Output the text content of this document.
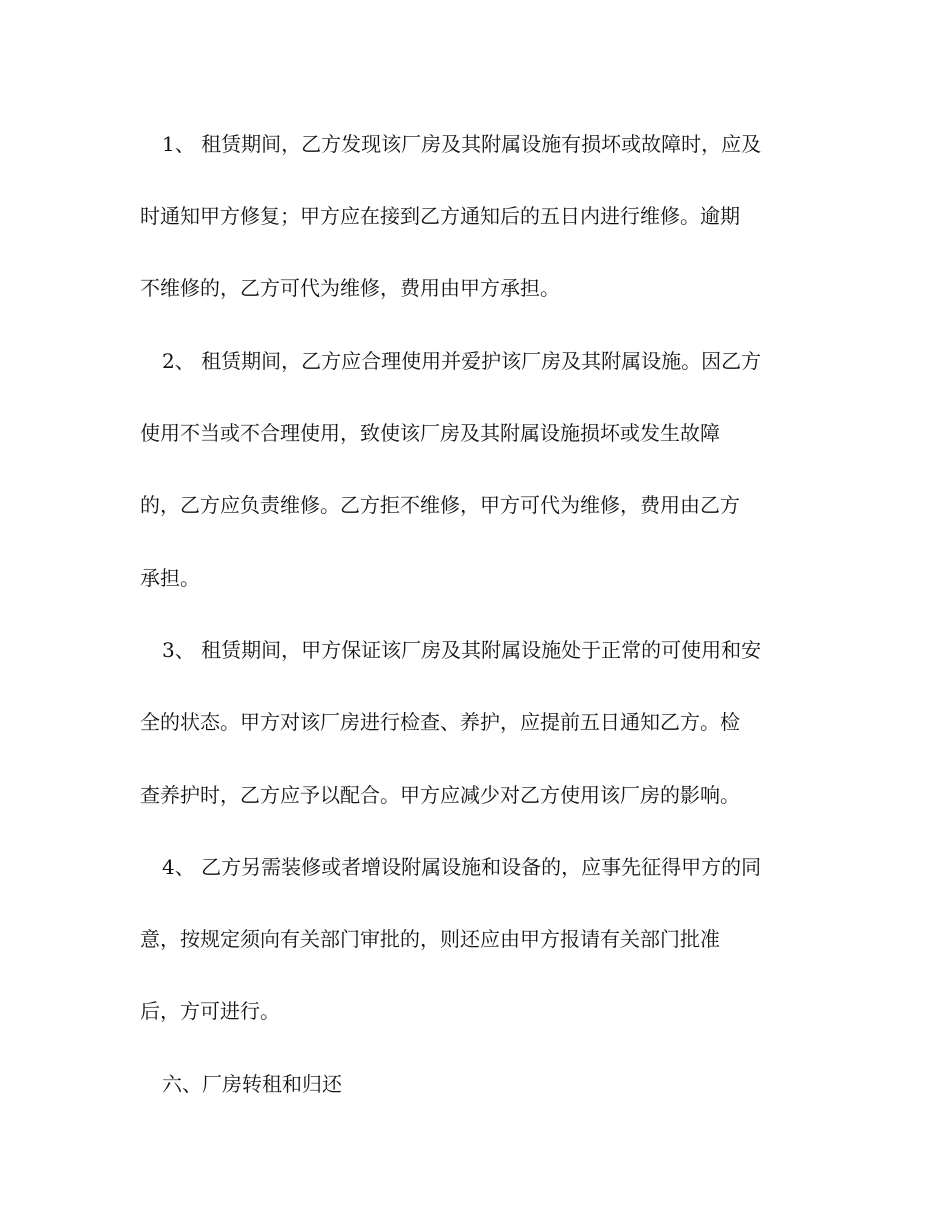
1、 租赁期间，乙方发现该厂房及其附属设施有损坏或故障时，应及
时通知甲方修复；甲方应在接到乙方通知后的五日内进行维修。逾期
不维修的，乙方可代为维修，费用由甲方承担。
2、 租赁期间，乙方应合理使用并爱护该厂房及其附属设施。因乙方
使用不当或不合理使用，致使该厂房及其附属设施损坏或发生故障
的，乙方应负责维修。乙方拒不维修，甲方可代为维修，费用由乙方
承担。
3、 租赁期间，甲方保证该厂房及其附属设施处于正常的可使用和安
全的状态。甲方对该厂房进行检查、养护，应提前五日通知乙方。检
查养护时，乙方应予以配合。甲方应减少对乙方使用该厂房的影响。
4、 乙方另需装修或者增设附属设施和设备的，应事先征得甲方的同
意，按规定须向有关部门审批的，则还应由甲方报请有关部门批准
后，方可进行。
六、厂房转租和归还
